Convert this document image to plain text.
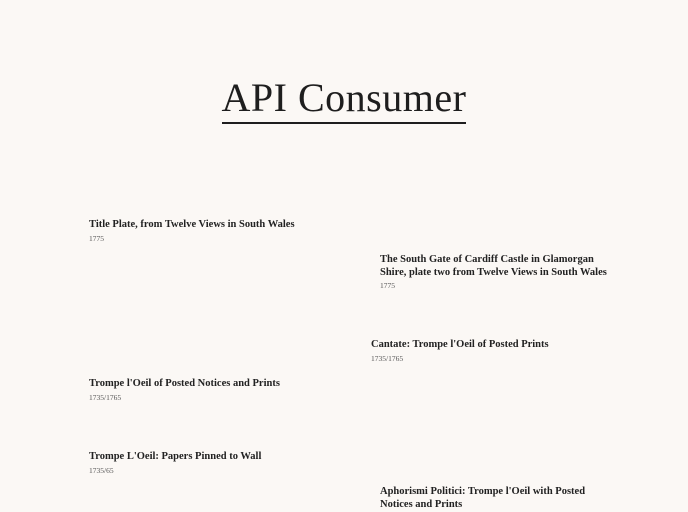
API Consumer
Title Plate, from Twelve Views in South Wales
1775
The South Gate of Cardiff Castle in Glamorgan Shire, plate two from Twelve Views in South Wales
1775
Cantate: Trompe l'Oeil of Posted Prints
1735/1765
Trompe l'Oeil of Posted Notices and Prints
1735/1765
Trompe L'Oeil: Papers Pinned to Wall
1735/65
Aphorismi Politici: Trompe l'Oeil with Posted Notices and Prints
